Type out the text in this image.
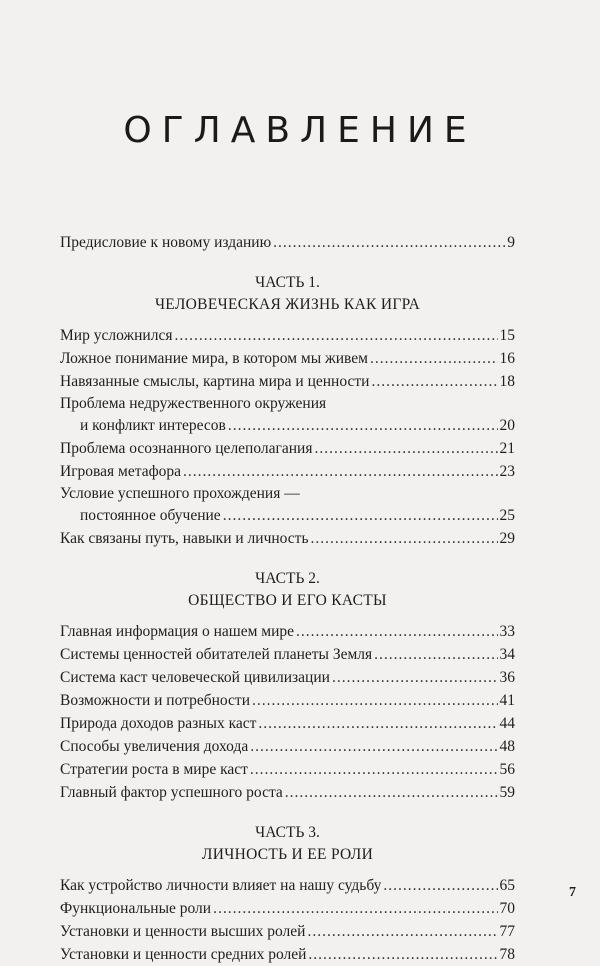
ОГЛАВЛЕНИЕ
Предисловие к новому изданию .....	9
ЧАСТЬ 1.
ЧЕЛОВЕЧЕСКАЯ ЖИЗНЬ КАК ИГРА
Мир усложнился .....	15
Ложное понимание мира, в котором мы живем .....	16
Навязанные смыслы, картина мира и ценности .....	18
Проблема недружественного окружения
и конфликт интересов .....	20
Проблема осознанного целеполагания .....	21
Игровая метафора .....	23
Условие успешного прохождения —
постоянное обучение .....	25
Как связаны путь, навыки и личность .....	29
ЧАСТЬ 2.
ОБЩЕСТВО И ЕГО КАСТЫ
Главная информация о нашем мире .....	33
Системы ценностей обитателей планеты Земля .....	34
Система каст человеческой цивилизации .....	36
Возможности и потребности .....	41
Природа доходов разных каст .....	44
Способы увеличения дохода .....	48
Стратегии роста в мире каст .....	56
Главный фактор успешного роста .....	59
ЧАСТЬ 3.
ЛИЧНОСТЬ И ЕЕ РОЛИ
Как устройство личности влияет на нашу судьбу .....	65
Функциональные роли .....	70
Установки и ценности высших ролей .....	77
Установки и ценности средних ролей .....	78
7
